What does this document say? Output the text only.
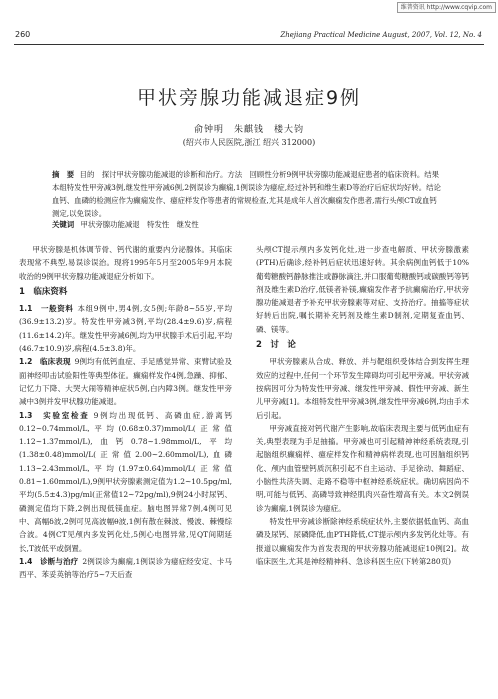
维普资讯 http://www.cqvip.com
260	Zhejiang Practical Medicine August, 2007, Vol. 12, No. 4
甲状旁腺功能减退症9例
俞钟明　朱麒钱　楼大钧
(绍兴市人民医院,浙江 绍兴 312000)
摘　要 目的　探讨甲状旁腺功能减退的诊断和治疗。方法　回顾性分析9例甲状旁腺功能减退症患者的临床资料。结果　本组特发性甲旁减3例,继发性甲旁减6例,2例误诊为癫痫,1例误诊为癔症,经过补钙和维生素D等治疗后症状均好转。结论　血钙、血磷的检测应作为癫痫发作、癔症样发作等患者的常规检查,尤其是成年人首次癫痫发作患者,需行头颅CT或血钙测定,以免误诊。
关键词 甲状旁腺功能减退　特发性　继发性

甲状旁腺是机体调节骨、钙代谢的重要内分泌腺体。其临床表现常不典型,易误诊误治。现将1995年5月至2005年9月本院收治的9例甲状旁腺功能减退症分析如下。

1　临床资料

1.1　一般资料 本组9例中,男4例,女5例;年龄8~55岁,平均(36.9±13.2)岁。特发性甲旁减3例,平均(28.4±9.6)岁,病程(11.6±14.2)年。继发性甲旁减6例,均为甲状腺手术后引起,平均(46.7±10.9)岁,病程(4.5±3.8)年。

1.2　临床表现 9例均有低钙血症、手足感觉异常、束臂试验及面神经叩击试验阳性等典型体征。癫痫样发作4例,急躁、抑郁、记忆力下降、大哭大闹等精神症状5例,白内障3例。继发性甲旁减中3例并发甲状腺功能减退。

1.3　实验室检查 9例均出现低钙、高磷血症,游离钙0.12~0.74mmol/L,平均(0.68±0.37)mmol/L(正常值1.12~1.37mmol/L),血钙0.78~1.98mmol/L,平均(1.38±0.48)mmol/L(正常值2.00~2.60mmol/L),血磷1.13~2.43mmol/L,平均(1.97±0.64)mmol/L(正常值0.81~1.60mmol/L),9例甲状旁腺素测定值为1.2~10.5pg/ml,平均(5.5±4.3)pg/ml(正常值12~72pg/ml),9例24小时尿钙、磷测定值均下降,2例出现低镁血症。脑电图异常7例,4例可见中、高幅δ波,2例可见高波幅θ波,1例有散在棘波、慢波、棘慢综合波。4例CT见颅内多发钙化灶,5例心电图异常,见QT间期延长,T波低平或倒置。

1.4　诊断与治疗 2例误诊为癫痫,1例误诊为癔症经安定、卡马西平、苯妥英钠等治疗5~7天后查

头颅CT提示颅内多发钙化灶,进一步查电解质、甲状旁腺激素(PTH)后确诊,经补钙后症状迅速好转。其余病例血钙低于10%葡萄糖酸钙静脉推注或静脉滴注,并口服葡萄糖酸钙或碳酸钙等钙剂及维生素D治疗,低镁者补镁,癫痫发作者予抗癫痫治疗,甲状旁腺功能减退者予补充甲状旁腺素等对症、支持治疗。抽搐等症状好转后出院,嘱长期补充钙剂及维生素D制剂,定期复查血钙、磷、镁等。

2　讨　论

甲状旁腺素从合成、释放、并与靶组织受体结合到发挥生理效应的过程中,任何一个环节发生障碍均可引起甲旁减。甲状旁减按病因可分为特发性甲旁减、继发性甲旁减、假性甲旁减、新生儿甲旁减[1]。本组特发性甲旁减3例,继发性甲旁减6例,均由手术后引起。

甲旁减直接对钙代谢产生影响,故临床表现主要与低钙血症有关,典型表现为手足抽搐。甲旁减也可引起精神神经系统表现,引起脑组织癫痫样、癔症样发作和精神病样表现,也可因脑组织钙化、颅内血管壁钙质沉积引起不自主运动、手足徐动、舞蹈症、小脑性共济失调、走路不稳等中枢神经系统症状。确切病因尚不明,可能与低钙、高磷导致神经肌肉兴奋性增高有关。本文2例误诊为癫痫,1例误诊为癔症。

特发性甲旁减诊断除神经系统症状外,主要依据低血钙、高血磷及尿钙、尿磷降低,血PTH降低,CT提示颅内多发钙化灶等。有报道以癫痫发作为首发表现的甲状旁腺功能减退症10例[2]。故临床医生,尤其是神经精神科、急诊科医生应(下转第280页)
